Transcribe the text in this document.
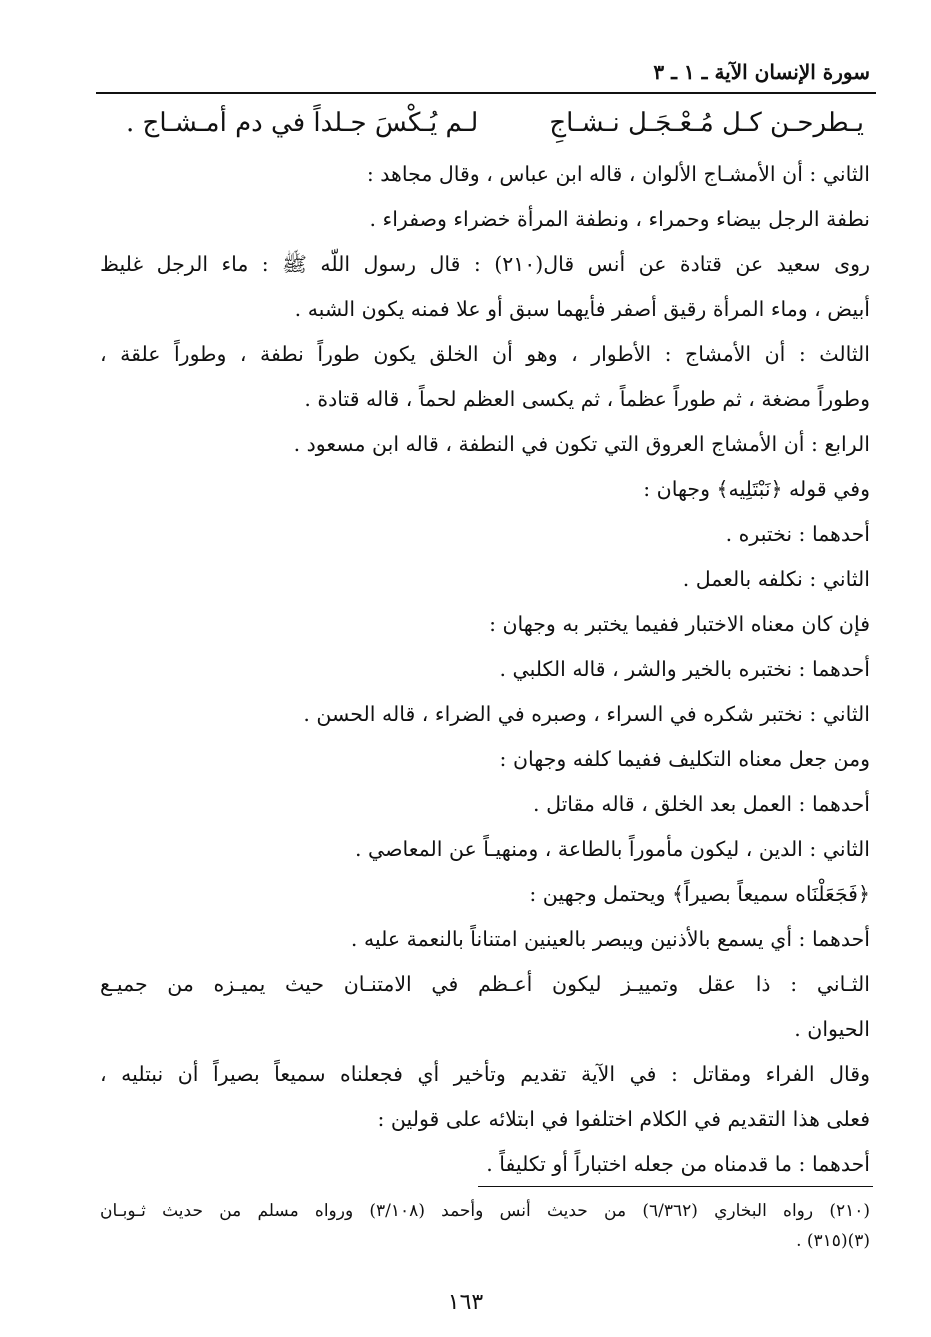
سورة الإنسان الآية ـ ١ ـ ٣
يـطرحـن كـل مُـعْـجَـل نـشـاجِ
لـم يُـكْسَ جـلداً في دم أمـشـاج .

الثاني : أن الأمشـاج الألوان ، قاله ابن عباس ، وقال مجاهد :

نطفة الرجل بيضاء وحمراء ، ونطفة المرأة خضراء وصفراء .

روى سعيد عن قتادة عن أنس قال(٢١٠) : قال رسول اللّه ﷺ : ماء الرجل غليظ

أبيض ، وماء المرأة رقيق أصفر فأيهما سبق أو علا فمنه يكون الشبه .

الثالث : أن الأمشاج : الأطوار ، وهو أن الخلق يكون طوراً نطفة ، وطوراً علقة ،

وطوراً مضغة ، ثم طوراً عظماً ، ثم يكسى العظم لحماً ، قاله قتادة .

الرابع : أن الأمشاج العروق التي تكون في النطفة ، قاله ابن مسعود .

وفي قوله ﴿نَبْتَلِيه﴾ وجهان :

أحدهما : نختبره .

الثاني : نكلفه بالعمل .

فإن كان معناه الاختبار ففيما يختبر به وجهان :

أحدهما : نختبره بالخير والشر ، قاله الكلبي .

الثاني : نختبر شكره في السراء ، وصبره في الضراء ، قاله الحسن .

ومن جعل معناه التكليف ففيما كلفه وجهان :

أحدهما : العمل بعد الخلق ، قاله مقاتل .

الثاني : الدين ، ليكون مأموراً بالطاعة ، ومنهيـاً عن المعاصي .

﴿فَجَعَلْنَاه سميعاً بصيراً﴾ ويحتمل وجهين :

أحدهما : أي يسمع بالأذنين ويبصر بالعينين امتناناً بالنعمة عليه .

الثـاني : ذا عقل وتمييـز ليكون أعـظم في الامتنـان حيث يميـزه من جميـع

الحيوان .

وقال الفراء ومقاتل : في الآية تقديم وتأخير أي فجعلناه سميعاً بصيراً أن نبتليه ،

فعلى هذا التقديم في الكلام اختلفوا في ابتلائه على قولين :

أحدهما : ما قدمناه من جعله اختباراً أو تكليفاً .

(٢١٠) رواه البخاري (٦/٣٦٢) من حديث أنس وأحمد (٣/١٠٨) ورواه مسلم من حديث ثـوبـان

(٣)(٣١٥) .

١٦٣
